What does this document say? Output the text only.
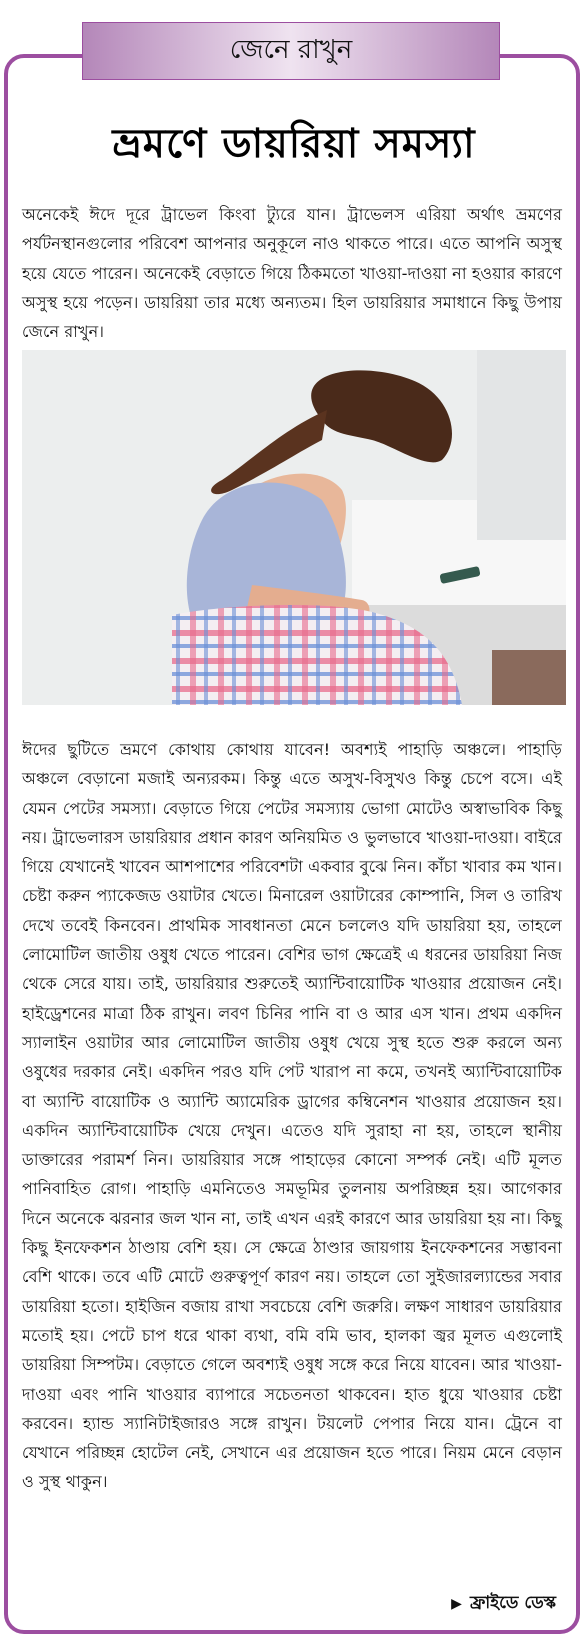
জেনে রাখুন
ভ্রমণে ডায়রিয়া সমস্যা

অনেকেই ঈদে দূরে ট্রাভেল কিংবা ট্যুরে যান। ট্রাভেলস এরিয়া অর্থাৎ ভ্রমণের পর্যটনস্থানগুলোর পরিবেশ আপনার অনুকূলে নাও থাকতে পারে। এতে আপনি অসুস্থ হয়ে যেতে পারেন। অনেকেই বেড়াতে গিয়ে ঠিকমতো খাওয়া-দাওয়া না হওয়ার কারণে অসুস্থ হয়ে পড়েন। ডায়রিয়া তার মধ্যে অন্যতম। হিল ডায়রিয়ার সমাধানে কিছু উপায় জেনে রাখুন।

ঈদের ছুটিতে ভ্রমণে কোথায় কোথায় যাবেন! অবশ্যই পাহাড়ি অঞ্চলে। পাহাড়ি অঞ্চলে বেড়ানো মজাই অন্যরকম। কিন্তু এতে অসুখ-বিসুখও কিন্তু চেপে বসে। এই যেমন পেটের সমস্যা। বেড়াতে গিয়ে পেটের সমস্যায় ভোগা মোটেও অস্বাভাবিক কিছু নয়। ট্রাভেলারস ডায়রিয়ার প্রধান কারণ অনিয়মিত ও ভুলভাবে খাওয়া-দাওয়া। বাইরে গিয়ে যেখানেই খাবেন আশপাশের পরিবেশটা একবার বুঝে নিন। কাঁচা খাবার কম খান। চেষ্টা করুন প্যাকেজড ওয়াটার খেতে। মিনারেল ওয়াটারের কোম্পানি, সিল ও তারিখ দেখে তবেই কিনবেন। প্রাথমিক সাবধানতা মেনে চললেও যদি ডায়রিয়া হয়, তাহলে লোমোটিল জাতীয় ওষুধ খেতে পারেন। বেশির ভাগ ক্ষেত্রেই এ ধরনের ডায়রিয়া নিজ থেকে সেরে যায়। তাই, ডায়রিয়ার শুরুতেই অ্যান্টিবায়োটিক খাওয়ার প্রয়োজন নেই। হাইড্রেশনের মাত্রা ঠিক রাখুন। লবণ চিনির পানি বা ও আর এস খান। প্রথম একদিন স্যালাইন ওয়াটার আর লোমোটিল জাতীয় ওষুধ খেয়ে সুস্থ হতে শুরু করলে অন্য ওষুধের দরকার নেই। একদিন পরও যদি পেট খারাপ না কমে, তখনই অ্যান্টিবায়োটিক বা অ্যান্টি বায়োটিক ও অ্যান্টি অ্যামেরিক ড্রাগের কম্বিনেশন খাওয়ার প্রয়োজন হয়। একদিন অ্যান্টিবায়োটিক খেয়ে দেখুন। এতেও যদি সুরাহা না হয়, তাহলে স্থানীয় ডাক্তারের পরামর্শ নিন। ডায়রিয়ার সঙ্গে পাহাড়ের কোনো সম্পর্ক নেই। এটি মূলত পানিবাহিত রোগ। পাহাড়ি এমনিতেও সমভূমির তুলনায় অপরিচ্ছন্ন হয়। আগেকার দিনে অনেকে ঝরনার জল খান না, তাই এখন এরই কারণে আর ডায়রিয়া হয় না। কিছু কিছু ইনফেকশন ঠাণ্ডায় বেশি হয়। সে ক্ষেত্রে ঠাণ্ডার জায়গায় ইনফেকশনের সম্ভাবনা বেশি থাকে। তবে এটি মোটে গুরুত্বপূর্ণ কারণ নয়। তাহলে তো সুইজারল্যান্ডের সবার ডায়রিয়া হতো। হাইজিন বজায় রাখা সবচেয়ে বেশি জরুরি। লক্ষণ সাধারণ ডায়রিয়ার মতোই হয়। পেটে চাপ ধরে থাকা ব্যথা, বমি বমি ভাব, হালকা জ্বর মূলত এগুলোই ডায়রিয়া সিম্পটম। বেড়াতে গেলে অবশ্যই ওষুধ সঙ্গে করে নিয়ে যাবেন। আর খাওয়া-দাওয়া এবং পানি খাওয়ার ব্যাপারে সচেতনতা থাকবেন। হাত ধুয়ে খাওয়ার চেষ্টা করবেন। হ্যান্ড স্যানিটাইজারও সঙ্গে রাখুন। টয়লেট পেপার নিয়ে যান। ট্রেনে বা যেখানে পরিচ্ছন্ন হোটেল নেই, সেখানে এর প্রয়োজন হতে পারে। নিয়ম মেনে বেড়ান ও সুস্থ থাকুন।

▶ ফ্রাইডে ডেস্ক
